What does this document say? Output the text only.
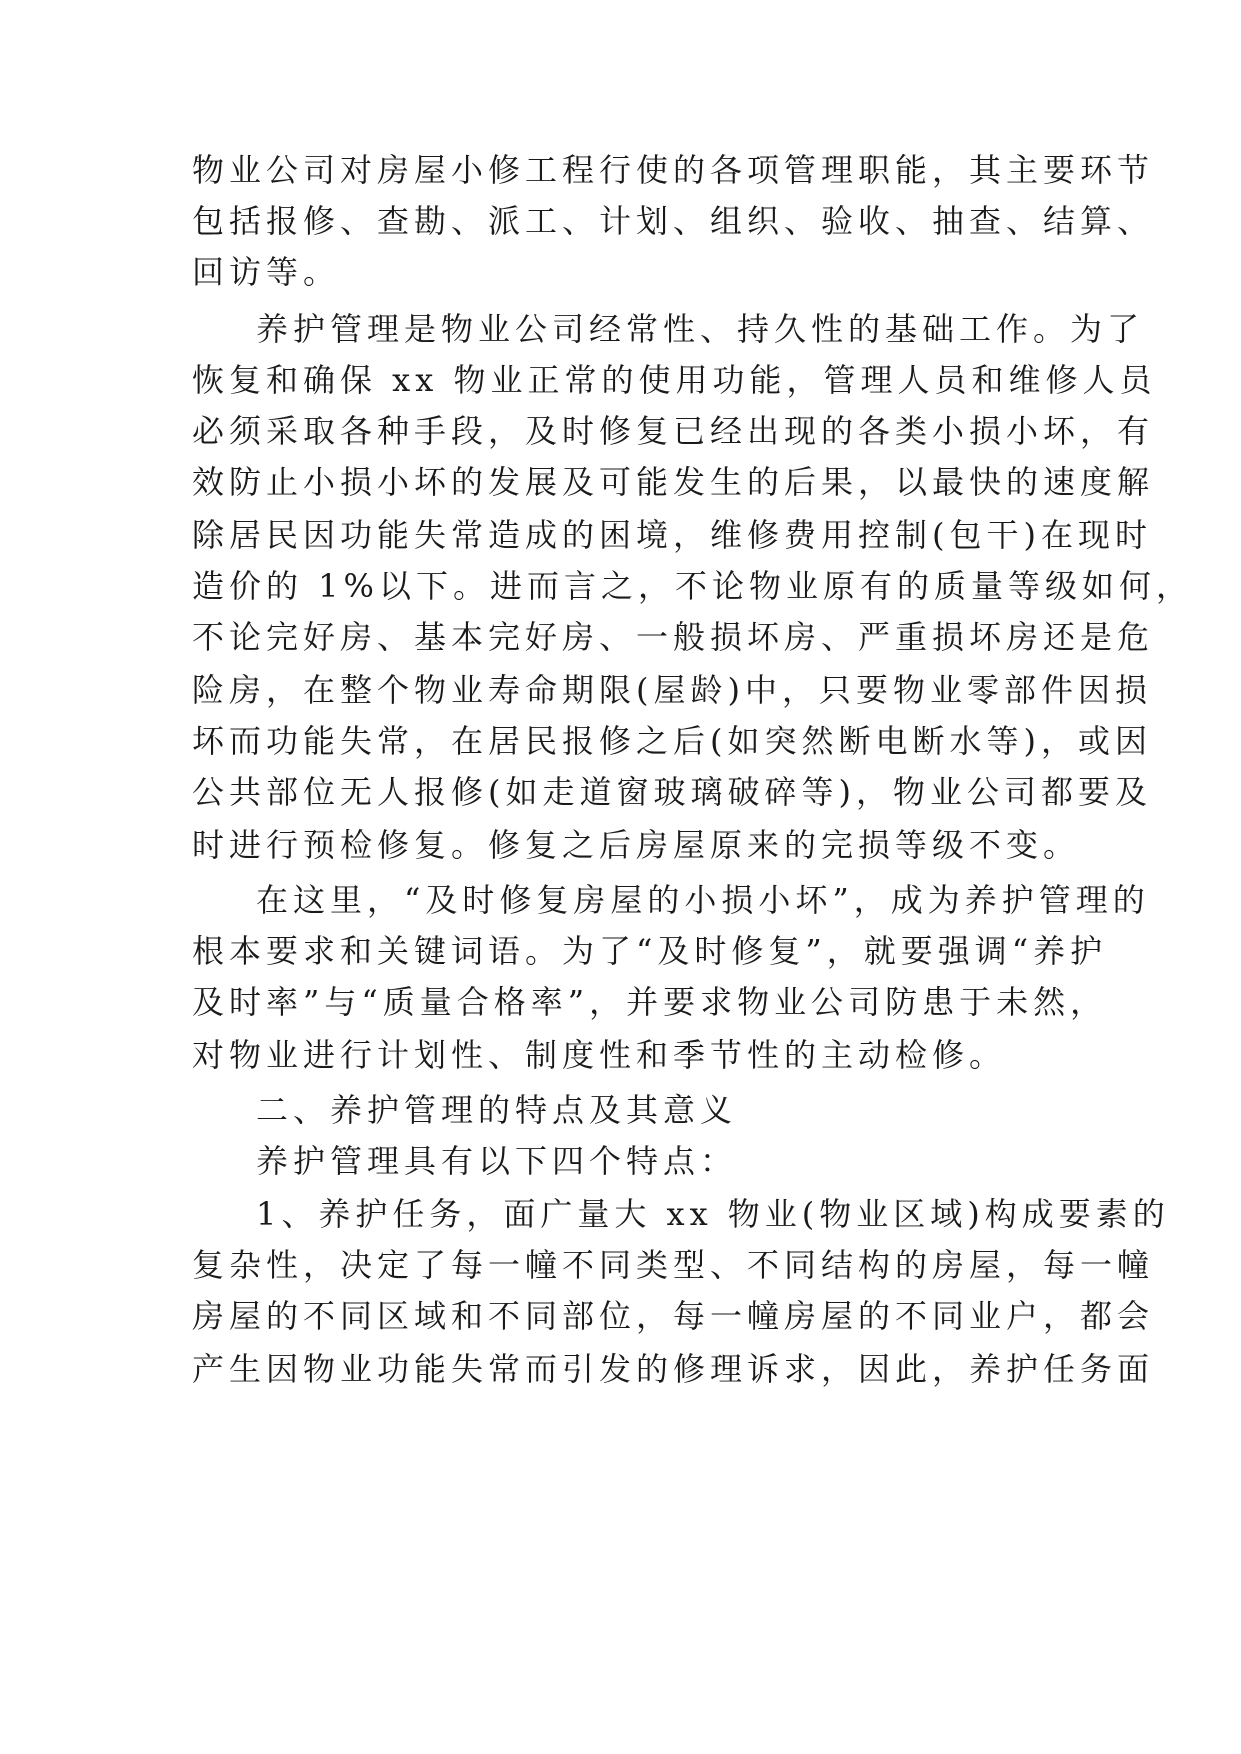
物业公司对房屋小修工程行使的各项管理职能，其主要环节
包括报修、查勘、派工、计划、组织、验收、抽查、结算、
回访等。
养护管理是物业公司经常性、持久性的基础工作。为了
恢复和确保 xx 物业正常的使用功能，管理人员和维修人员
必须采取各种手段，及时修复已经出现的各类小损小坏，有
效防止小损小坏的发展及可能发生的后果，以最快的速度解
除居民因功能失常造成的困境，维修费用控制(包干)在现时
造价的 1%以下。进而言之，不论物业原有的质量等级如何，
不论完好房、基本完好房、一般损坏房、严重损坏房还是危
险房，在整个物业寿命期限(屋龄)中，只要物业零部件因损
坏而功能失常，在居民报修之后(如突然断电断水等)，或因
公共部位无人报修(如走道窗玻璃破碎等)，物业公司都要及
时进行预检修复。修复之后房屋原来的完损等级不变。
在这里，“及时修复房屋的小损小坏”，成为养护管理的
根本要求和关键词语。为了“及时修复”，就要强调“养护
及时率”与“质量合格率”，并要求物业公司防患于未然，
对物业进行计划性、制度性和季节性的主动检修。
二、养护管理的特点及其意义
养护管理具有以下四个特点：
1、养护任务，面广量大 xx 物业(物业区域)构成要素的
复杂性，决定了每一幢不同类型、不同结构的房屋，每一幢
房屋的不同区域和不同部位，每一幢房屋的不同业户，都会
产生因物业功能失常而引发的修理诉求，因此，养护任务面
